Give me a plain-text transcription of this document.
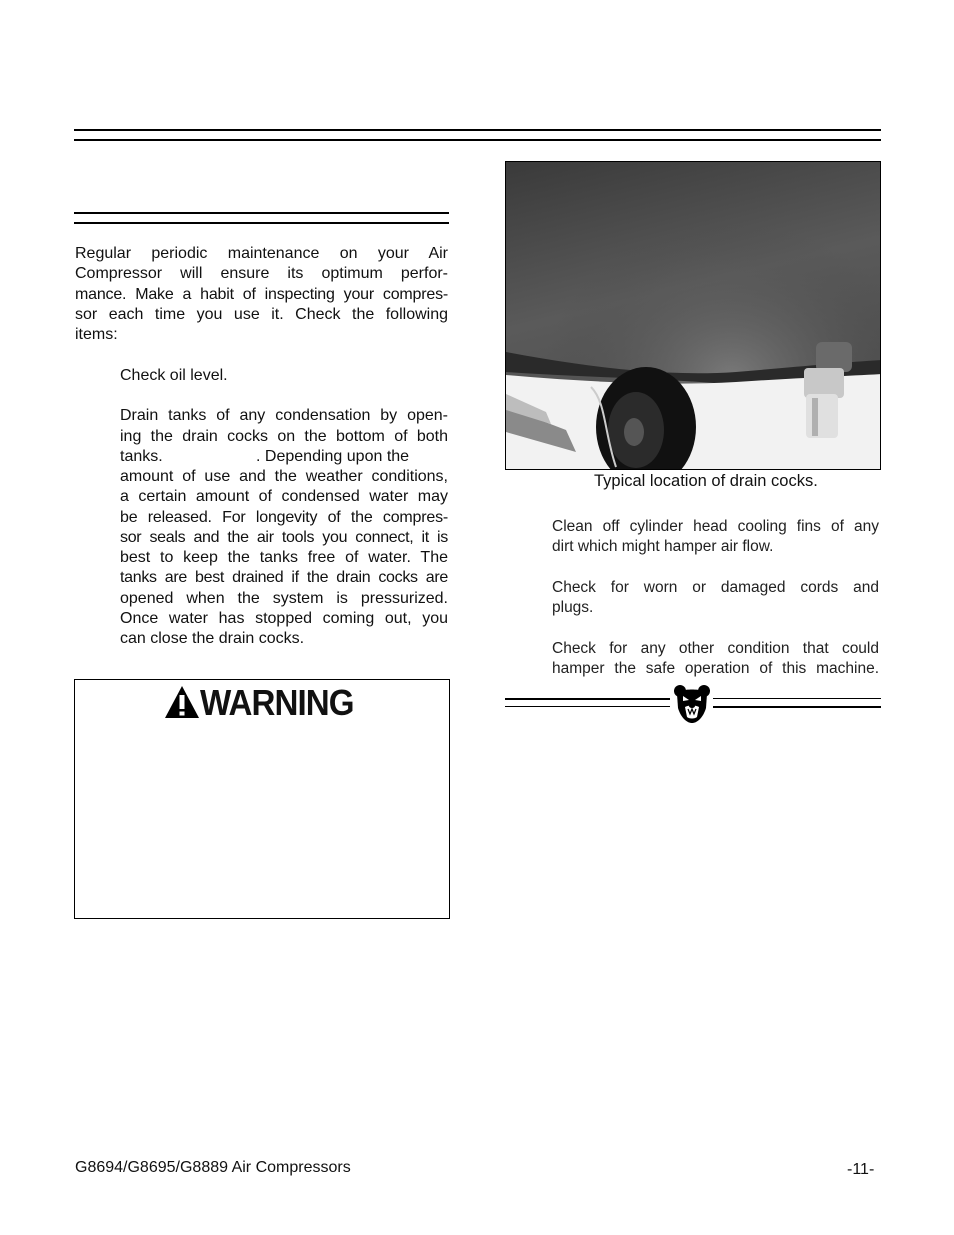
Regular periodic maintenance on your Air
Compressor will ensure its optimum perfor-
mance. Make a habit of inspecting your compres-
sor each time you use it. Check the following
items:
Check oil level.
Drain tanks of any condensation by open-
ing the drain cocks on the bottom of both
tanks.                     . Depending upon the
amount of use and the weather conditions,
a certain amount of condensed water may
be released. For longevity of the compres-
sor seals and the air tools you connect, it is
best to keep the tanks free of water. The
tanks are best drained if the drain cocks are
opened when the system is pressurized.
Once water has stopped coming out, you
can close the drain cocks.
WARNING
Typical location of drain cocks.
Clean off cylinder head cooling fins of any
dirt which might hamper air flow.
Check for worn or damaged cords and
plugs.
Check for any other condition that could
hamper the safe operation of this machine.
G8694/G8695/G8889 Air Compressors	-11-
